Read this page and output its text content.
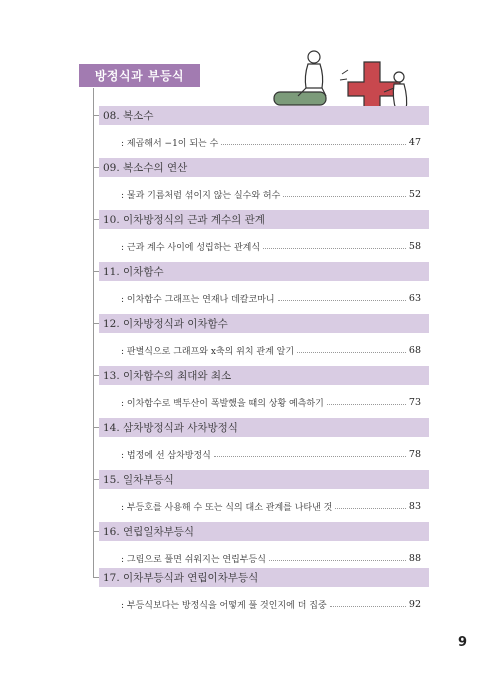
방정식과 부등식
08. 복소수
: 제곱해서 −1이 되는 수	47
09. 복소수의 연산
: 물과 기름처럼 섞이지 않는 실수와 허수	52
10. 이차방정식의 근과 계수의 관계
: 근과 계수 사이에 성립하는 관계식	58
11. 이차함수
: 이차함수 그래프는 연재나 데칼코마니	63
12. 이차방정식과 이차함수
: 판별식으로 그래프와 x축의 위치 관계 알기	68
13. 이차함수의 최대와 최소
: 이차함수로 백두산이 폭발했을 때의 상황 예측하기	73
14. 삼차방정식과 사차방정식
: 법정에 선 삼차방정식	78
15. 일차부등식
: 부등호를 사용해 수 또는 식의 대소 관계를 나타낸 것	83
16. 연립일차부등식
: 그림으로 풀면 쉬워지는 연립부등식	88
17. 이차부등식과 연립이차부등식
: 부등식보다는 방정식을 어떻게 풀 것인지에 더 집중	92
9
